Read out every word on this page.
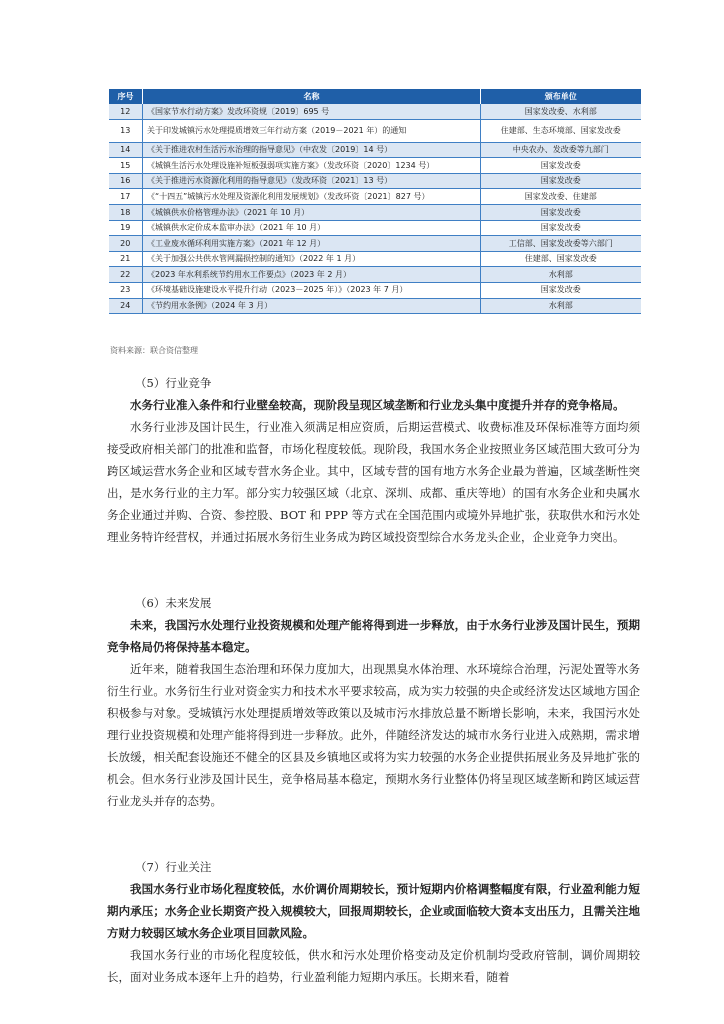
序号	名称	颁布单位
12	《国家节水行动方案》发改环资规〔2019〕695 号	国家发改委、水利部
13	关于印发城镇污水处理提质增效三年行动方案（2019－2021 年）的通知	住建部、生态环境部、国家发改委
14	《关于推进农村生活污水治理的指导意见》（中农发〔2019〕14 号）	中央农办、发改委等九部门
15	《城镇生活污水处理设施补短板强弱项实施方案》（发改环资〔2020〕1234 号）	国家发改委
16	《关于推进污水资源化利用的指导意见》（发改环资〔2021〕13 号）	国家发改委
17	《“十四五”城镇污水处理及资源化利用发展规划》（发改环资〔2021〕827 号）	国家发改委、住建部
18	《城镇供水价格管理办法》（2021 年 10 月）	国家发改委
19	《城镇供水定价成本监审办法》（2021 年 10 月）	国家发改委
20	《工业废水循环利用实施方案》（2021 年 12 月）	工信部、国家发改委等六部门
21	《关于加强公共供水管网漏损控制的通知》（2022 年 1 月）	住建部、国家发改委
22	《2023 年水利系统节约用水工作要点》（2023 年 2 月）	水利部
23	《环境基础设施建设水平提升行动（2023－2025 年）》（2023 年 7 月）	国家发改委
24	《节约用水条例》（2024 年 3 月）	水利部
资料来源：联合资信整理

（5）行业竞争

水务行业准入条件和行业壁垒较高，现阶段呈现区域垄断和行业龙头集中度提升并存的竞争格局。

水务行业涉及国计民生，行业准入须满足相应资质，后期运营模式、收费标准及环保标准等方面均须接受政府相关部门的批准和监督，市场化程度较低。现阶段，我国水务企业按照业务区域范围大致可分为跨区域运营水务企业和区域专营水务企业。其中，区域专营的国有地方水务企业最为普遍，区域垄断性突出，是水务行业的主力军。部分实力较强区域（北京、深圳、成都、重庆等地）的国有水务企业和央属水务企业通过并购、合资、参控股、BOT 和 PPP 等方式在全国范围内或境外异地扩张，获取供水和污水处理业务特许经营权，并通过拓展水务衍生业务成为跨区域投资型综合水务龙头企业，企业竞争力突出。

（6）未来发展

未来，我国污水处理行业投资规模和处理产能将得到进一步释放，由于水务行业涉及国计民生，预期竞争格局仍将保持基本稳定。

近年来，随着我国生态治理和环保力度加大，出现黑臭水体治理、水环境综合治理，污泥处置等水务衍生行业。水务衍生行业对资金实力和技术水平要求较高，成为实力较强的央企或经济发达区域地方国企积极参与对象。受城镇污水处理提质增效等政策以及城市污水排放总量不断增长影响，未来，我国污水处理行业投资规模和处理产能将得到进一步释放。此外，伴随经济发达的城市水务行业进入成熟期，需求增长放缓，相关配套设施还不健全的区县及乡镇地区或将为实力较强的水务企业提供拓展业务及异地扩张的机会。但水务行业涉及国计民生，竞争格局基本稳定，预期水务行业整体仍将呈现区域垄断和跨区域运营行业龙头并存的态势。

（7）行业关注

我国水务行业市场化程度较低，水价调价周期较长，预计短期内价格调整幅度有限，行业盈利能力短期内承压；水务企业长期资产投入规模较大，回报周期较长，企业或面临较大资本支出压力，且需关注地方财力较弱区域水务企业项目回款风险。

我国水务行业的市场化程度较低，供水和污水处理价格变动及定价机制均受政府管制，调价周期较长，面对业务成本逐年上升的趋势，行业盈利能力短期内承压。长期来看，随着
